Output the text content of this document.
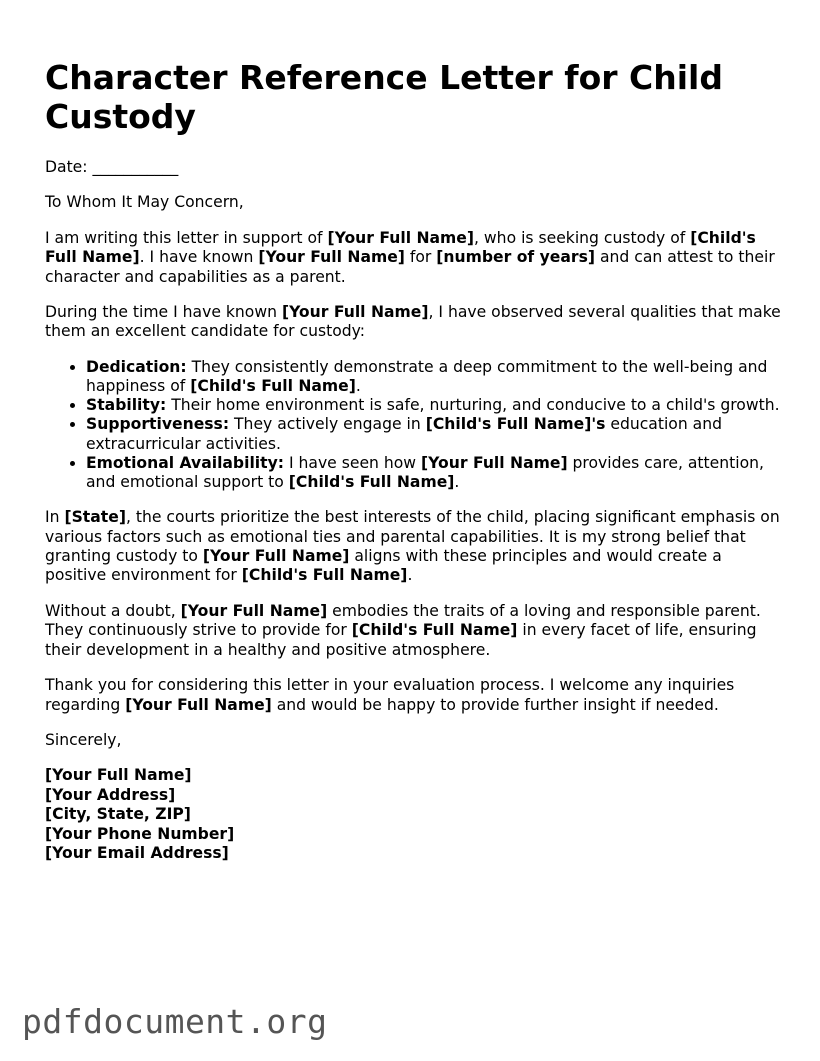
Character Reference Letter for Child Custody

Date: ___________

To Whom It May Concern,

I am writing this letter in support of [Your Full Name], who is seeking custody of [Child's Full Name]. I have known [Your Full Name] for [number of years] and can attest to their character and capabilities as a parent.

During the time I have known [Your Full Name], I have observed several qualities that make them an excellent candidate for custody:

• Dedication: They consistently demonstrate a deep commitment to the well-being and happiness of [Child's Full Name].
• Stability: Their home environment is safe, nurturing, and conducive to a child's growth.
• Supportiveness: They actively engage in [Child's Full Name]'s education and extracurricular activities.
• Emotional Availability: I have seen how [Your Full Name] provides care, attention, and emotional support to [Child's Full Name].

In [State], the courts prioritize the best interests of the child, placing significant emphasis on various factors such as emotional ties and parental capabilities. It is my strong belief that granting custody to [Your Full Name] aligns with these principles and would create a positive environment for [Child's Full Name].

Without a doubt, [Your Full Name] embodies the traits of a loving and responsible parent. They continuously strive to provide for [Child's Full Name] in every facet of life, ensuring their development in a healthy and positive atmosphere.

Thank you for considering this letter in your evaluation process. I welcome any inquiries regarding [Your Full Name] and would be happy to provide further insight if needed.

Sincerely,

[Your Full Name]
[Your Address]
[City, State, ZIP]
[Your Phone Number]
[Your Email Address]
pdfdocument.org
